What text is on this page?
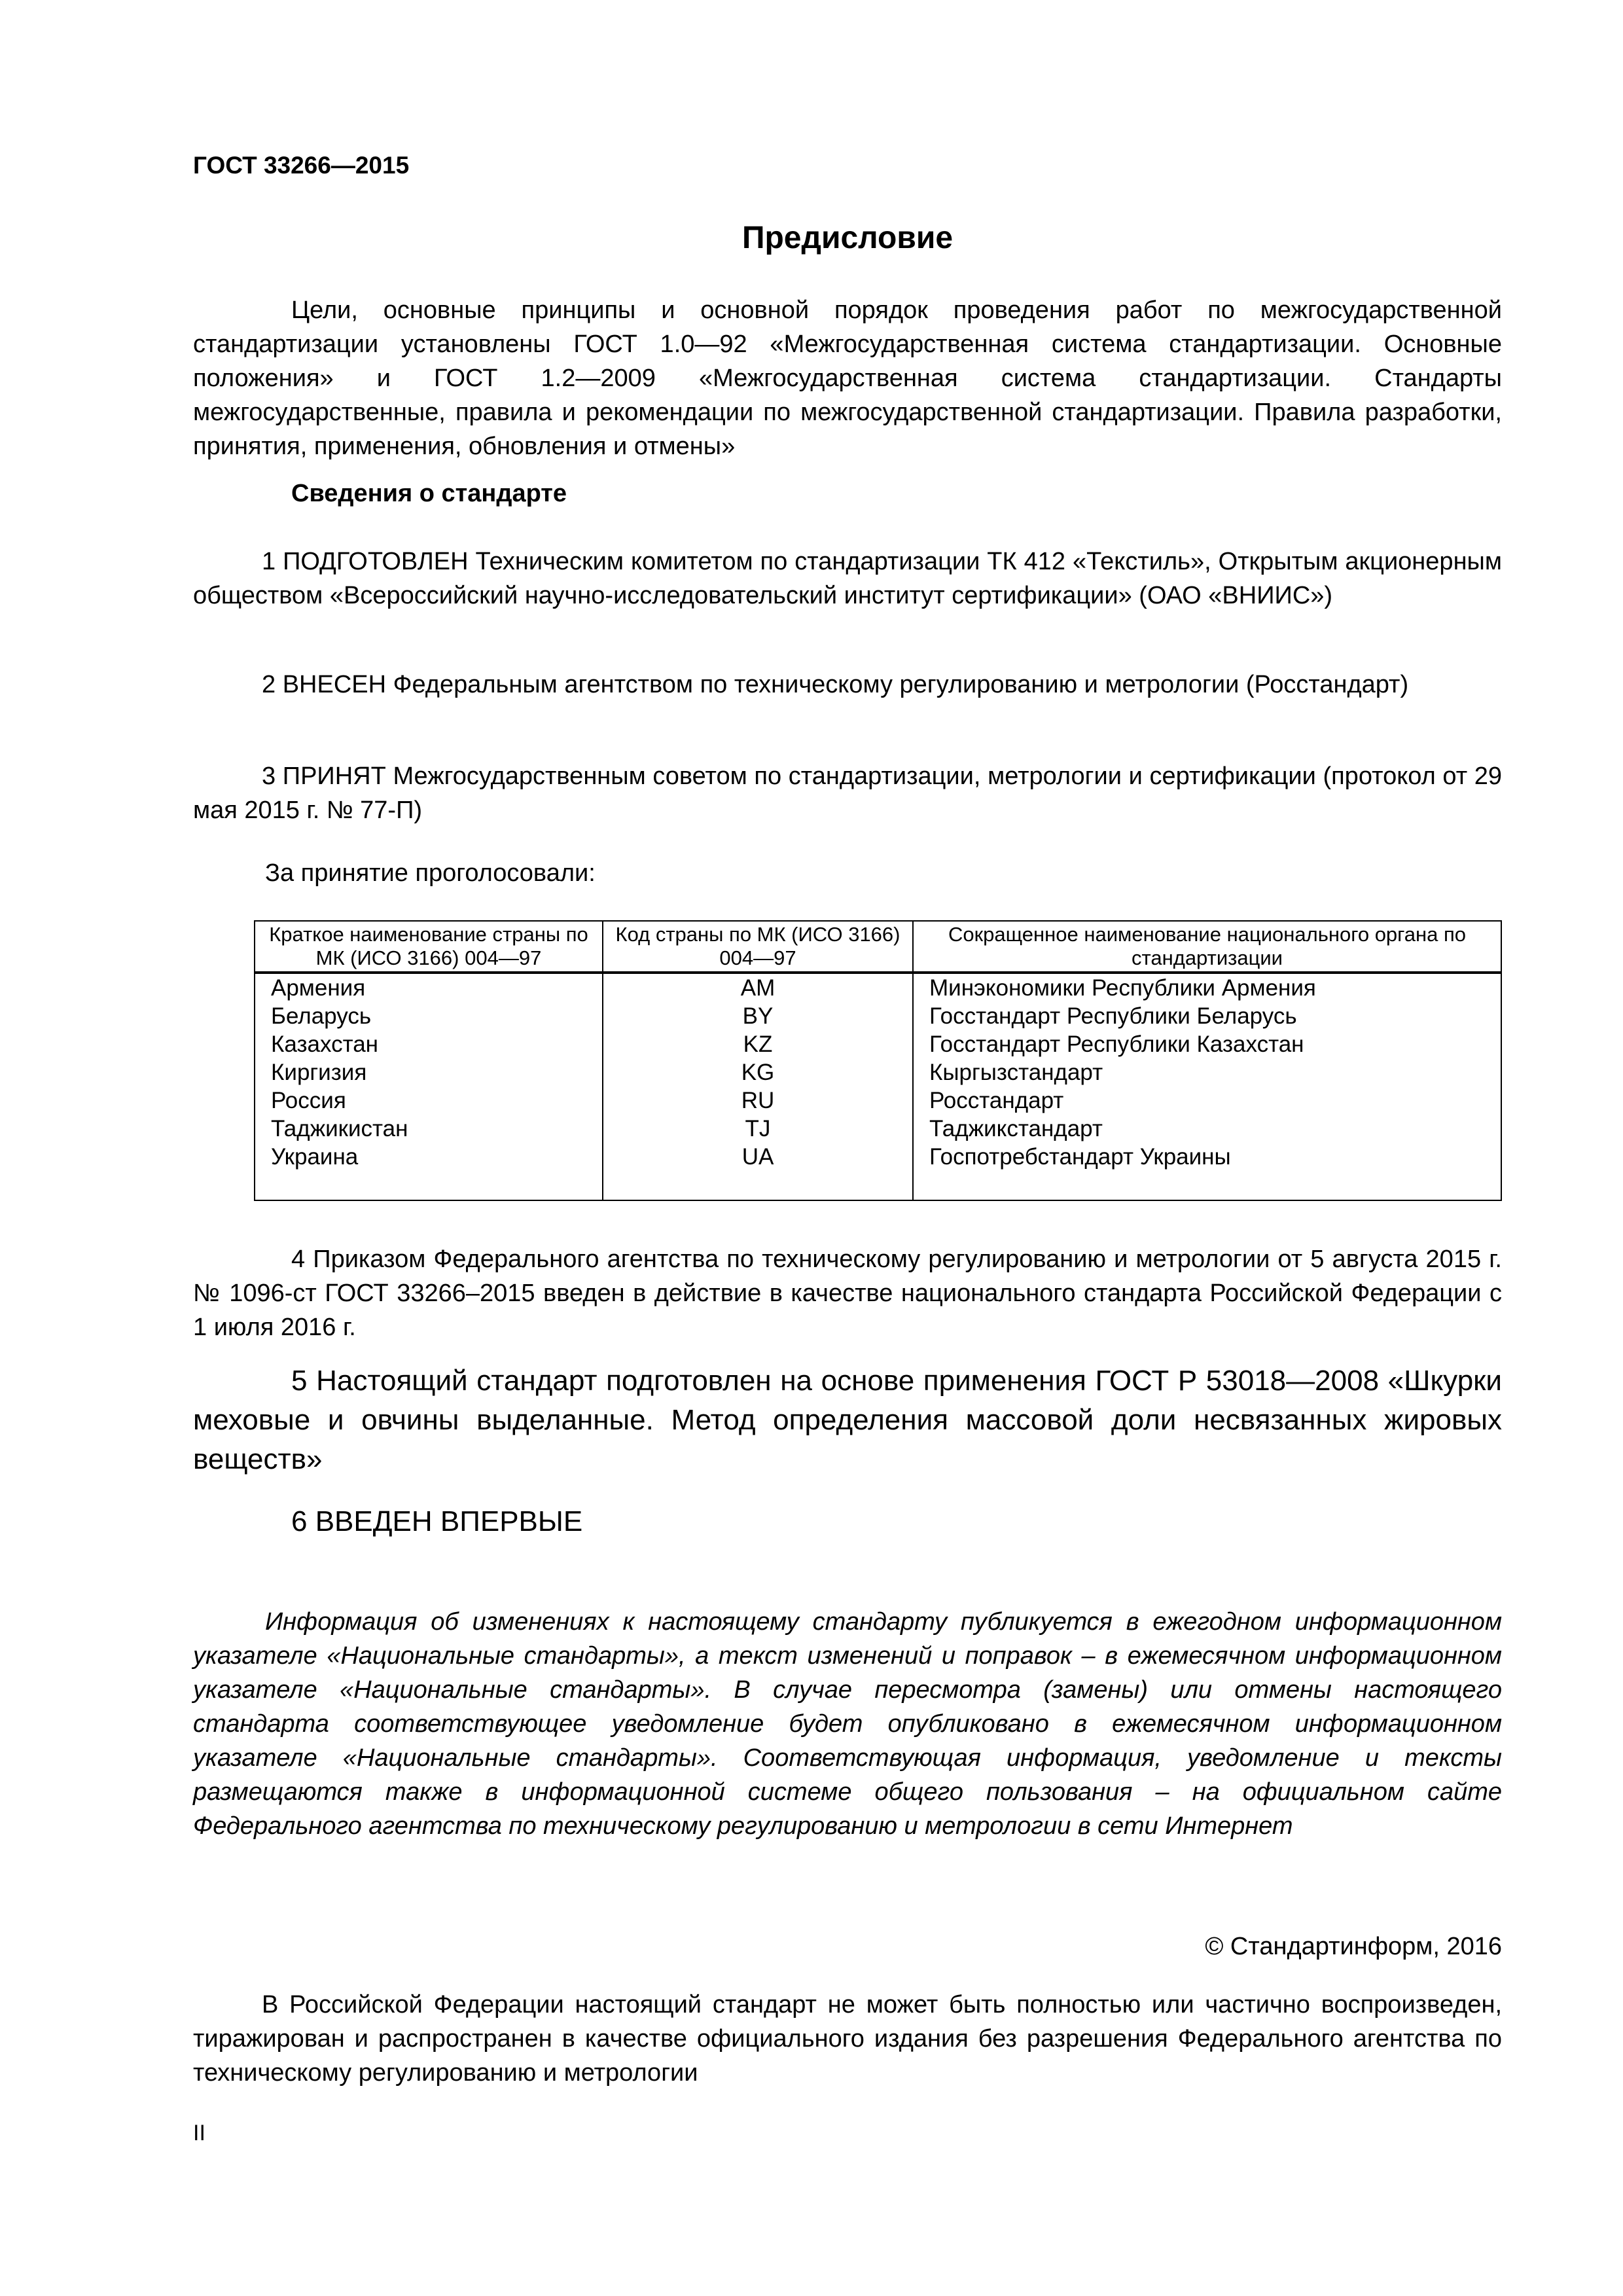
ГОСТ 33266—2015
Предисловие

Цели, основные принципы и основной порядок проведения работ по межгосударственной стандартизации установлены ГОСТ 1.0—92 «Межгосударственная система стандартизации. Основные положения» и ГОСТ 1.2—2009 «Межгосударственная система стандартизации. Стандарты межгосударственные, правила и рекомендации по межгосударственной стандартизации. Правила разработки, принятия, применения, обновления и отмены»

Сведения о стандарте

1 ПОДГОТОВЛЕН Техническим комитетом по стандартизации ТК 412 «Текстиль», Открытым акционерным обществом «Всероссийский научно-исследовательский институт сертификации» (ОАО «ВНИИС»)

2 ВНЕСЕН Федеральным агентством по техническому регулированию и метрологии (Росстандарт)

3 ПРИНЯТ Межгосударственным советом по стандартизации, метрологии и сертификации (протокол от 29 мая 2015 г. № 77-П)

За принятие проголосовали:
Краткое наименование страны по МК (ИСО 3166) 004—97	Код страны по МК (ИСО 3166) 004—97	Сокращенное наименование национального органа по стандартизации
Армения	AM	Минэкономики Республики Армения
Беларусь	BY	Госстандарт Республики Беларусь
Казахстан	KZ	Госстандарт Республики Казахстан
Киргизия	KG	Кыргызстандарт
Россия	RU	Росстандарт
Таджикистан	TJ	Таджикстандарт
Украина	UA	Госпотребстандарт Украины

4 Приказом Федерального агентства по техническому регулированию и метрологии от 5 августа 2015 г. № 1096-ст ГОСТ 33266–2015 введен в действие в качестве национального стандарта Российской Федерации с 1 июля 2016 г.

5 Настоящий стандарт подготовлен на основе применения ГОСТ Р 53018—2008 «Шкурки меховые и овчины выделанные. Метод определения массовой доли несвязанных жировых веществ»

6 ВВЕДЕН ВПЕРВЫЕ

Информация об изменениях к настоящему стандарту публикуется в ежегодном информационном указателе «Национальные стандарты», а текст изменений и поправок – в ежемесячном информационном указателе «Национальные стандарты». В случае пересмотра (замены) или отмены настоящего стандарта соответствующее уведомление будет опубликовано в ежемесячном информационном указателе «Национальные стандарты». Соответствующая информация, уведомление и тексты размещаются также в информационной системе общего пользования – на официальном сайте Федерального агентства по техническому регулированию и метрологии в сети Интернет

© Стандартинформ, 2016

В Российской Федерации настоящий стандарт не может быть полностью или частично воспроизведен, тиражирован и распространен в качестве официального издания без разрешения Федерального агентства по техническому регулированию и метрологии

II
